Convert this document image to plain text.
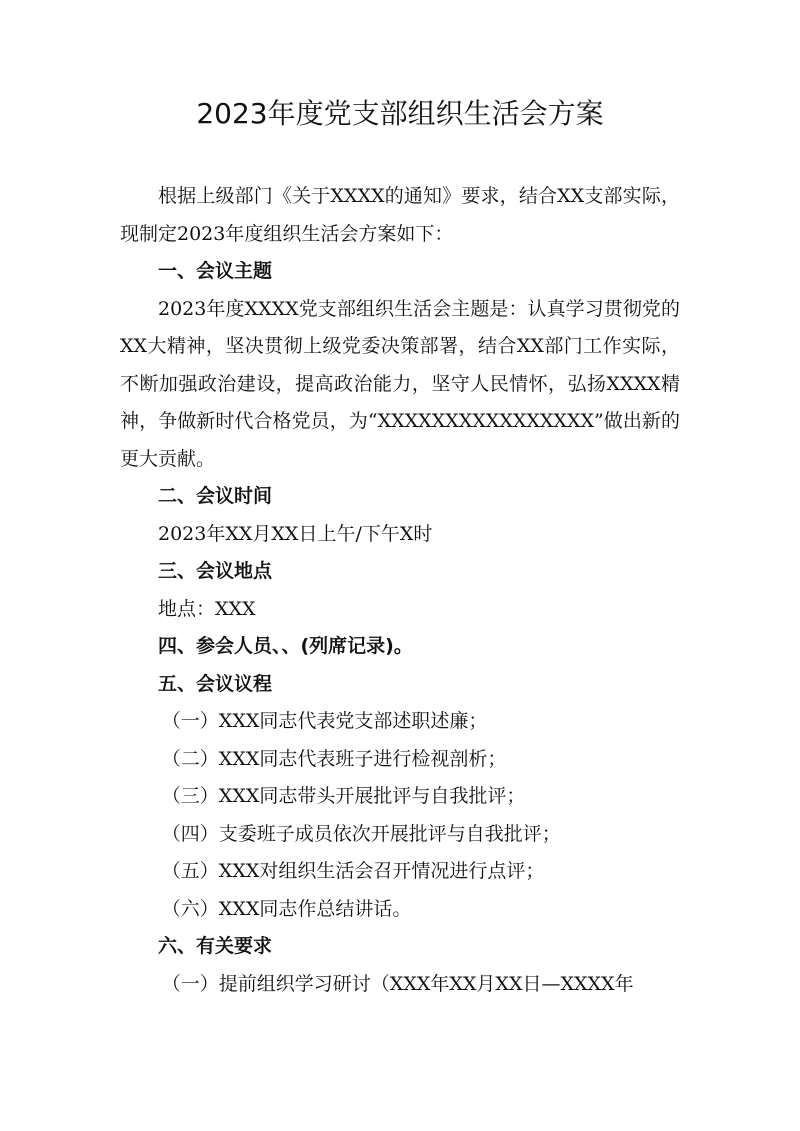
2023年度党支部组织生活会方案

根据上级部门《关于XXXX的通知》要求，结合XX支部实际，现制定2023年度组织生活会方案如下：

一、会议主题

2023年度XXXX党支部组织生活会主题是：认真学习贯彻党的XX大精神，坚决贯彻上级党委决策部署，结合XX部门工作实际，不断加强政治建设，提高政治能力，坚守人民情怀，弘扬XXXX精神，争做新时代合格党员，为“XXXXXXXXXXXXXXXX”做出新的更大贡献。

二、会议时间

2023年XX月XX日上午/下午X时

三、会议地点

地点：XXX

四、参会人员、、(列席记录)。

五、会议议程

（一）XXX同志代表党支部述职述廉；

（二）XXX同志代表班子进行检视剖析；

（三）XXX同志带头开展批评与自我批评；

（四）支委班子成员依次开展批评与自我批评；

（五）XXX对组织生活会召开情况进行点评；

（六）XXX同志作总结讲话。

六、有关要求

（一）提前组织学习研讨（XXX年XX月XX日—XXXX年
